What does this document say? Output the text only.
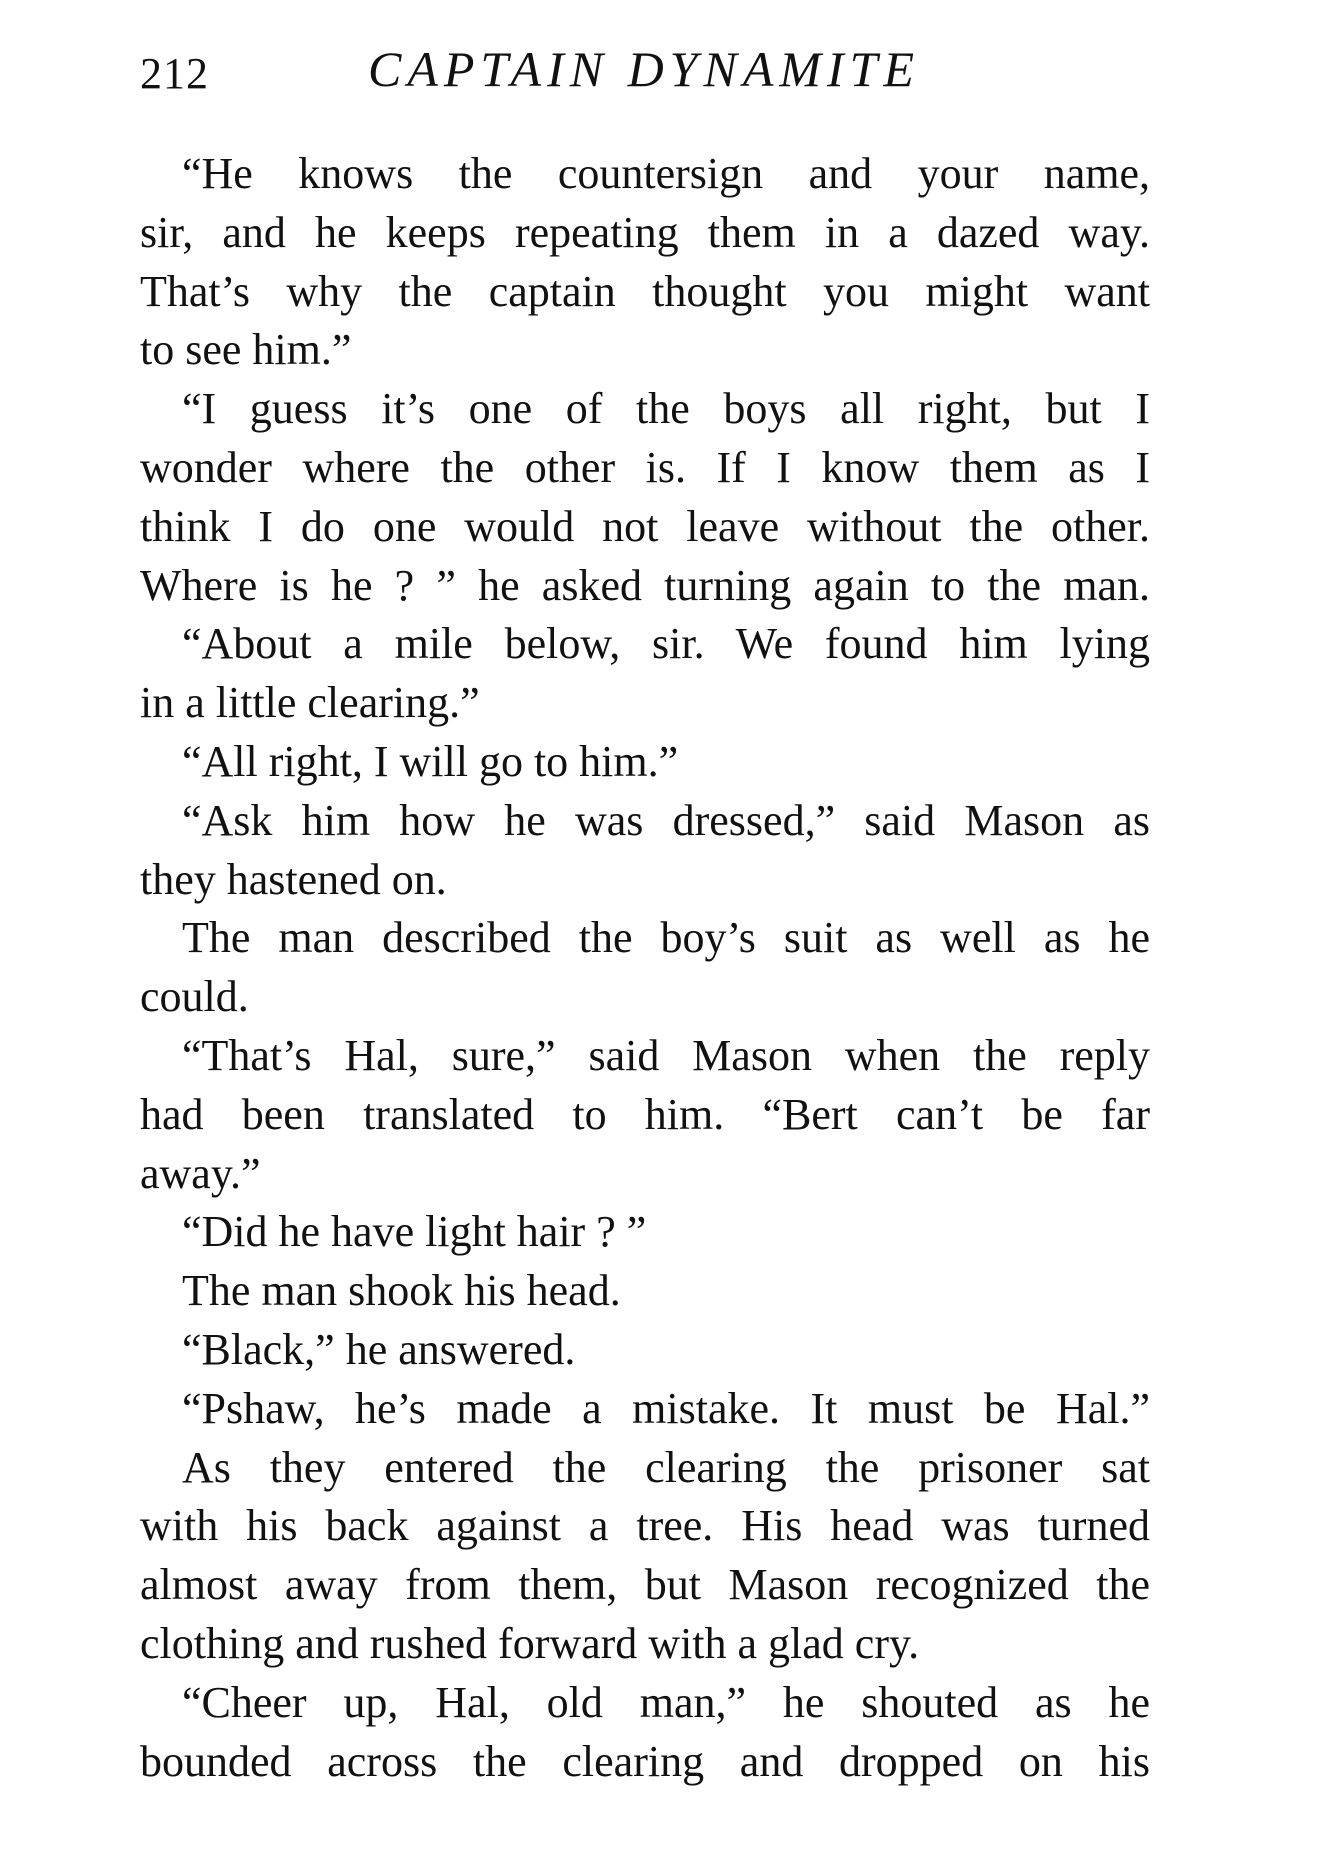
212	CAPTAIN DYNAMITE
“He knows the countersign and your name,
sir, and he keeps repeating them in a dazed way.
That’s why the captain thought you might want
to see him.”
“I guess it’s one of the boys all right, but I
wonder where the other is. If I know them as I
think I do one would not leave without the other.
Where is he ? ” he asked turning again to the man.
“About a mile below, sir. We found him lying
in a little clearing.”
“All right, I will go to him.”
“Ask him how he was dressed,” said Mason as
they hastened on.
The man described the boy’s suit as well as he
could.
“That’s Hal, sure,” said Mason when the reply
had been translated to him. “Bert can’t be far
away.”
“Did he have light hair ? ”
The man shook his head.
“Black,” he answered.
“Pshaw, he’s made a mistake. It must be Hal.”
As they entered the clearing the prisoner sat
with his back against a tree. His head was turned
almost away from them, but Mason recognized the
clothing and rushed forward with a glad cry.
“Cheer up, Hal, old man,” he shouted as he
bounded across the clearing and dropped on his
